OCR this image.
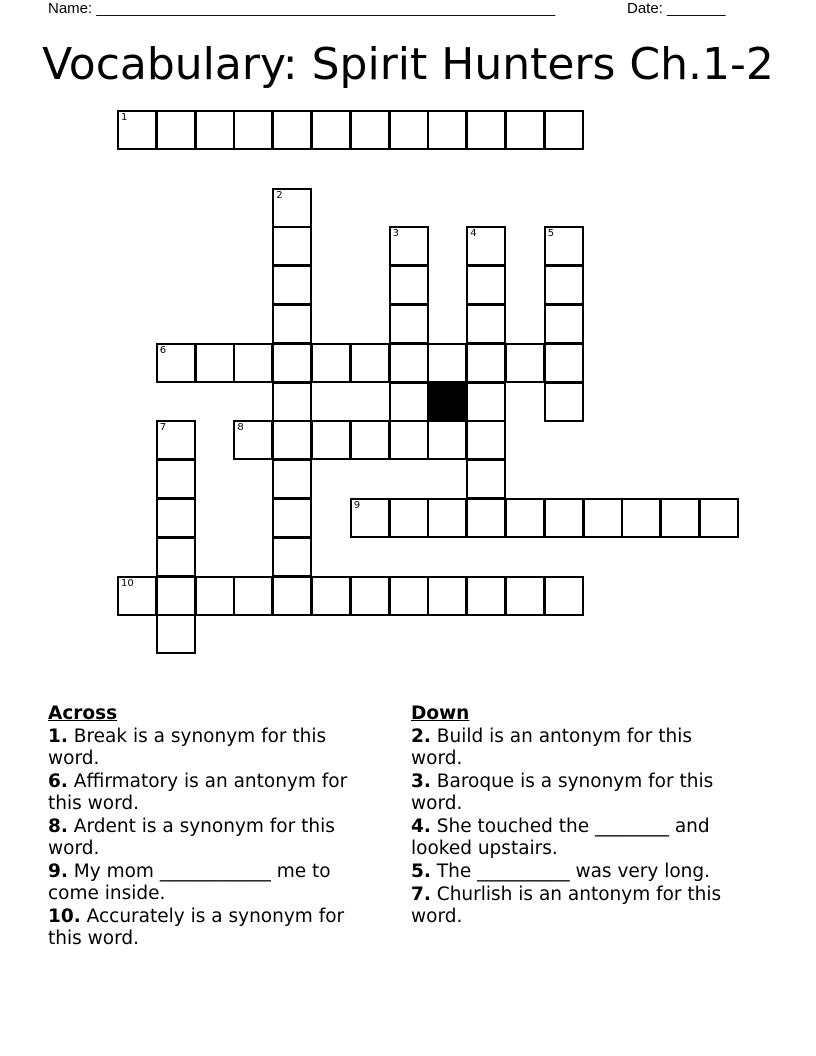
Name: _______________________________________________________

	Date: _______

Vocabulary: Spirit Hunters Ch.1-2
1
2
3	4	5
6
8
7
9
10
Across
1. Break is a synonym for this word.
6. Affirmatory is an antonym for this word.
8. Ardent is a synonym for this word.
9. My mom ____________ me to come inside.
10. Accurately is a synonym for this word.
Down
2. Build is an antonym for this word.
3. Baroque is a synonym for this word.
4. She touched the ________ and looked upstairs.
5. The __________ was very long.
7. Churlish is an antonym for this word.
